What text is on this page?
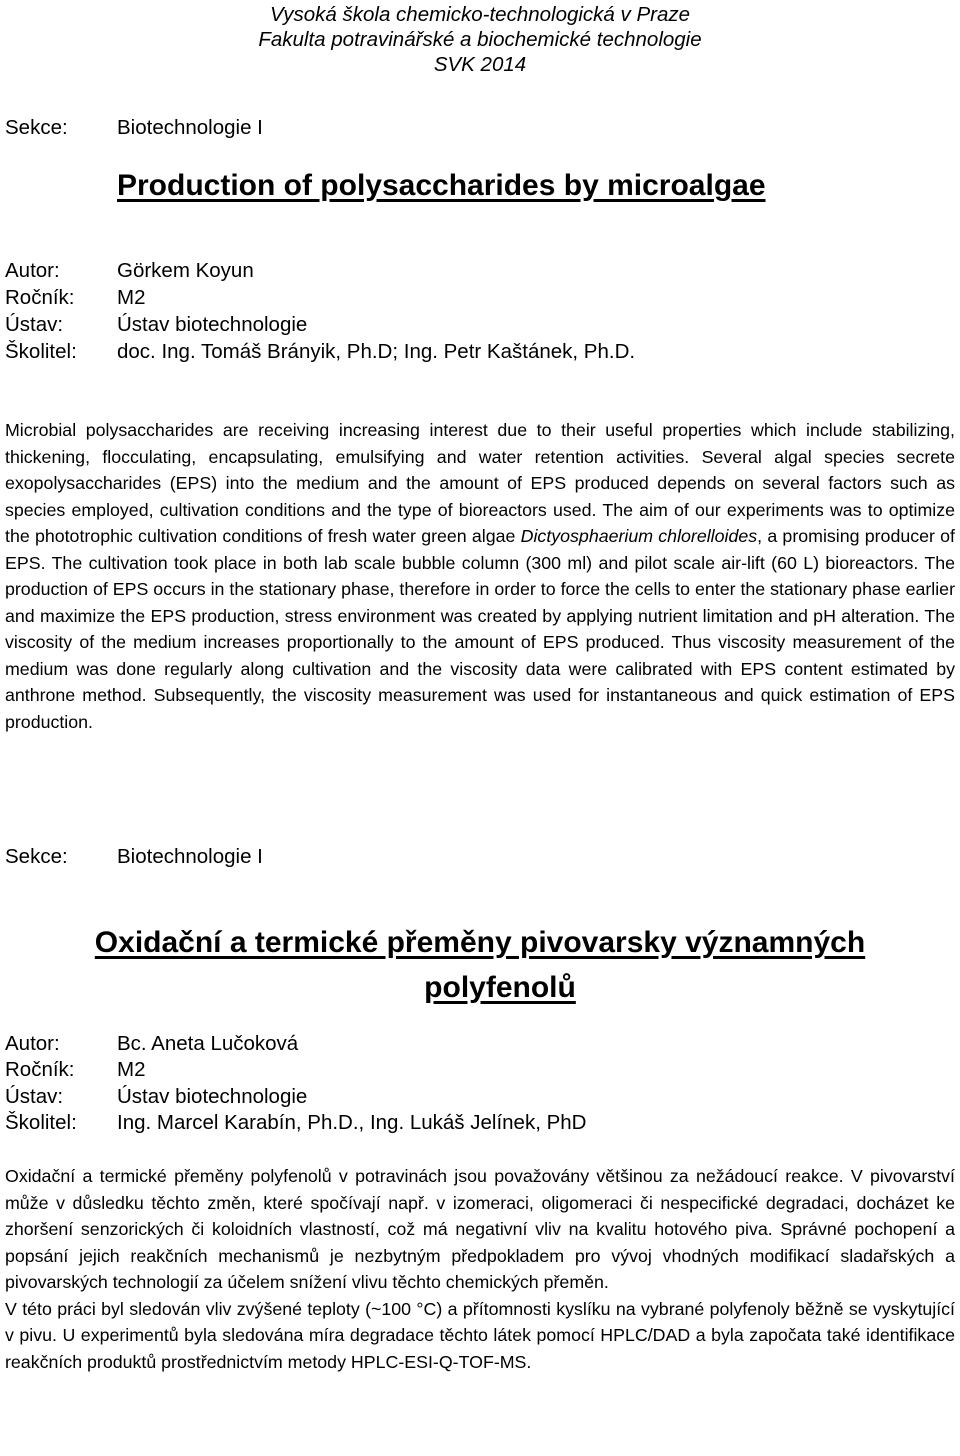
Vysoká škola chemicko-technologická v Praze
Fakulta potravinářské a biochemické technologie
SVK 2014
Sekce: Biotechnologie I
Production of polysaccharides by microalgae
Autor:	Görkem Koyun
Ročník: M2
Ústav:	Ústav biotechnologie
Školitel: doc. Ing. Tomáš Brányik, Ph.D; Ing. Petr Kaštánek, Ph.D.

Microbial polysaccharides are receiving increasing interest due to their useful properties which include stabilizing, thickening, flocculating, encapsulating, emulsifying and water retention activities. Several algal species secrete exopolysaccharides (EPS) into the medium and the amount of EPS produced depends on several factors such as species employed, cultivation conditions and the type of bioreactors used. The aim of our experiments was to optimize the phototrophic cultivation conditions of fresh water green algae Dictyosphaerium chlorelloides, a promising producer of EPS. The cultivation took place in both lab scale bubble column (300 ml) and pilot scale air-lift (60 L) bioreactors. The production of EPS occurs in the stationary phase, therefore in order to force the cells to enter the stationary phase earlier and maximize the EPS production, stress environment was created by applying nutrient limitation and pH alteration. The viscosity of the medium increases proportionally to the amount of EPS produced. Thus viscosity measurement of the medium was done regularly along cultivation and the viscosity data were calibrated with EPS content estimated by anthrone method. Subsequently, the viscosity measurement was used for instantaneous and quick estimation of EPS production.

Sekce: Biotechnologie I
Oxidační a termické přeměny pivovarsky významných
polyfenolů
Autor:	Bc. Aneta Lučoková
Ročník: M2
Ústav:	Ústav biotechnologie
Školitel: Ing. Marcel Karabín, Ph.D., Ing. Lukáš Jelínek, PhD

Oxidační a termické přeměny polyfenolů v potravinách jsou považovány většinou za nežádoucí reakce. V pivovarství může v důsledku těchto změn, které spočívají např. v izomeraci, oligomeraci či nespecifické degradaci, docházet ke zhoršení senzorických či koloidních vlastností, což má negativní vliv na kvalitu hotového piva. Správné pochopení a popsání jejich reakčních mechanismů je nezbytným předpokladem pro vývoj vhodných modifikací sladařských a pivovarských technologií za účelem snížení vlivu těchto chemických přeměn.

V této práci byl sledován vliv zvýšené teploty (~100 °C) a přítomnosti kyslíku na vybrané polyfenoly běžně se vyskytující v pivu. U experimentů byla sledována míra degradace těchto látek pomocí HPLC/DAD a byla započata také identifikace reakčních produktů prostřednictvím metody HPLC-ESI-Q-TOF-MS.
